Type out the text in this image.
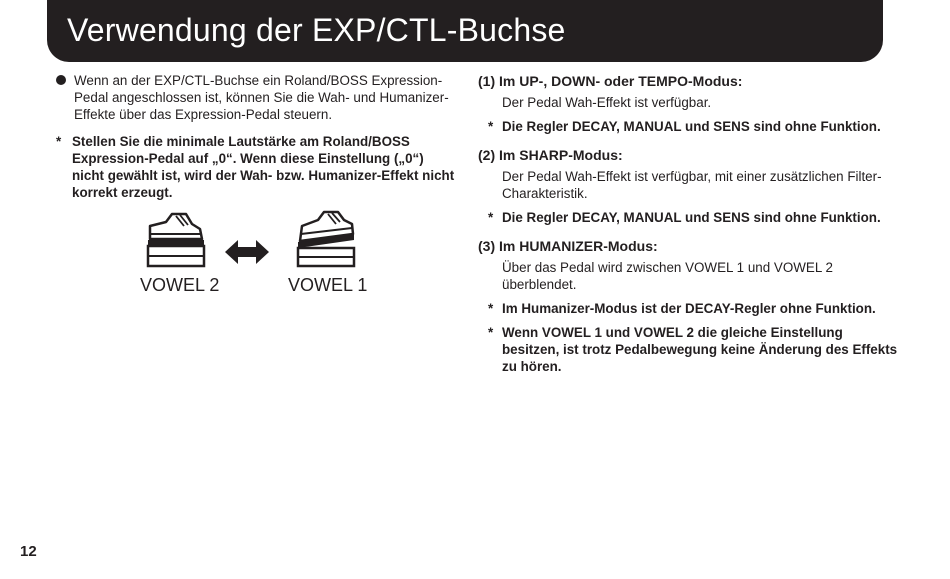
Verwendung der EXP/CTL-Buchse
Wenn an der EXP/CTL-Buchse ein Roland/BOSS Expression-Pedal angeschlossen ist, können Sie die Wah- und Humanizer-Effekte über das Expression-Pedal steuern.
* Stellen Sie die minimale Lautstärke am Roland/BOSS Expression-Pedal auf „0“. Wenn diese Einstellung („0“) nicht gewählt ist, wird der Wah- bzw. Humanizer-Effekt nicht korrekt erzeugt.
VOWEL 2	VOWEL 1

(1) Im UP-, DOWN- oder TEMPO-Modus:

Der Pedal Wah-Effekt ist verfügbar.
* Die Regler DECAY, MANUAL und SENS sind ohne Funktion.

(2) Im SHARP-Modus:

Der Pedal Wah-Effekt ist verfügbar, mit einer zusätzlichen Filter-Charakteristik.
* Die Regler DECAY, MANUAL und SENS sind ohne Funktion.

(3) Im HUMANIZER-Modus:

Über das Pedal wird zwischen VOWEL 1 und VOWEL 2 überblendet.
* Im Humanizer-Modus ist der DECAY-Regler ohne Funktion.
* Wenn VOWEL 1 und VOWEL 2 die gleiche Einstellung besitzen, ist trotz Pedalbewegung keine Änderung des Effekts zu hören.
12
